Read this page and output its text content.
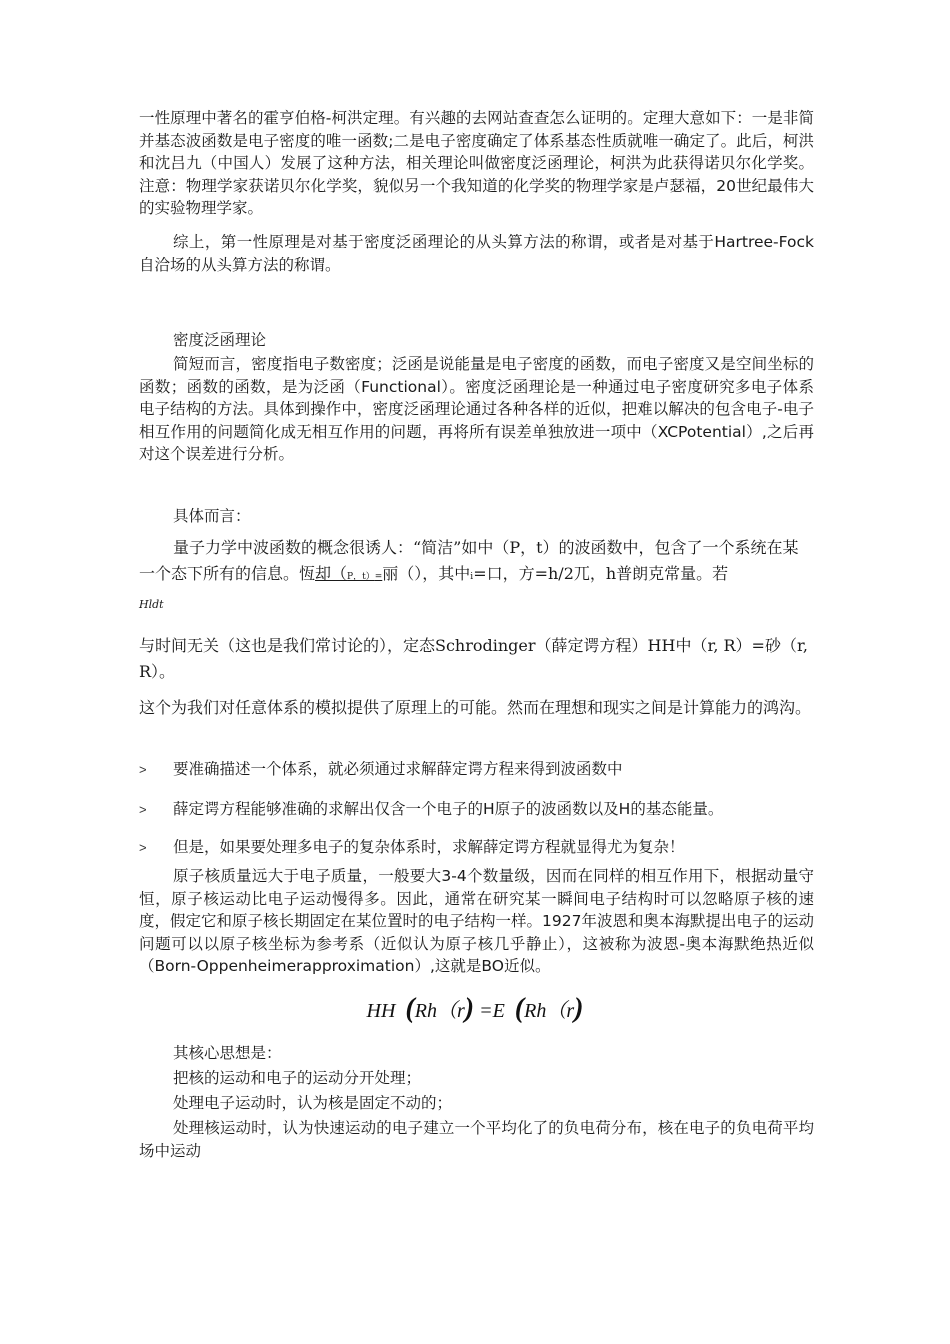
一性原理中著名的霍亨伯格-柯洪定理。有兴趣的去网站查查怎么证明的。定理大意如下：一是非简并基态波函数是电子密度的唯一函数;二是电子密度确定了体系基态性质就唯一确定了。此后，柯洪和沈吕九（中国人）发展了这种方法，相关理论叫做密度泛函理论，柯洪为此获得诺贝尔化学奖。注意：物理学家获诺贝尔化学奖，貌似另一个我知道的化学奖的物理学家是卢瑟福，20世纪最伟大的实验物理学家。

综上，第一性原理是对基于密度泛函理论的从头算方法的称谓，或者是对基于Hartree-Fock自洽场的从头算方法的称谓。

密度泛函理论

简短而言，密度指电子数密度；泛函是说能量是电子密度的函数，而电子密度又是空间坐标的函数；函数的函数，是为泛函（Functional）。密度泛函理论是一种通过电子密度研究多电子体系电子结构的方法。具体到操作中，密度泛函理论通过各种各样的近似，把难以解决的包含电子-电子相互作用的问题简化成无相互作用的问题，再将所有误差单独放进一项中（XCPotential）,之后再对这个误差进行分析。

具体而言：

量子力学中波函数的概念很诱人：“简洁”如中（P，t）的波函数中，包含了一个系统在某一个态下所有的信息。恆却（P，t）=丽（），其中i=口，方=h/2兀，h普朗克常量。若
Hldt

与时间无关（这也是我们常讨论的），定态Schrodinger（薛定谔方程）HH中（r, R）=砂（r, R）。

这个为我们对任意体系的模拟提供了原理上的可能。然而在理想和现实之间是计算能力的鸿沟。

> 要准确描述一个体系，就必须通过求解薛定谔方程来得到波函数中
> 薛定谔方程能够准确的求解出仅含一个电子的H原子的波函数以及H的基态能量。
> 但是，如果要处理多电子的复杂体系时，求解薛定谔方程就显得尤为复杂！

原子核质量远大于电子质量，一般要大3-4个数量级，因而在同样的相互作用下，根据动量守恒，原子核运动比电子运动慢得多。因此，通常在研究某一瞬间电子结构时可以忽略原子核的速度，假定它和原子核长期固定在某位置时的电子结构一样。1927年波恩和奥本海默提出电子的运动问题可以以原子核坐标为参考系（近似认为原子核几乎静止），这被称为波恩-奥本海默绝热近似（Born-Oppenheimerapproximation）,这就是BO近似。

HH (Rh（r) =E (Rh（r)

其核心思想是：

把核的运动和电子的运动分开处理；

处理电子运动时，认为核是固定不动的；

处理核运动时，认为快速运动的电子建立一个平均化了的负电荷分布，核在电子的负电荷平均场中运动
